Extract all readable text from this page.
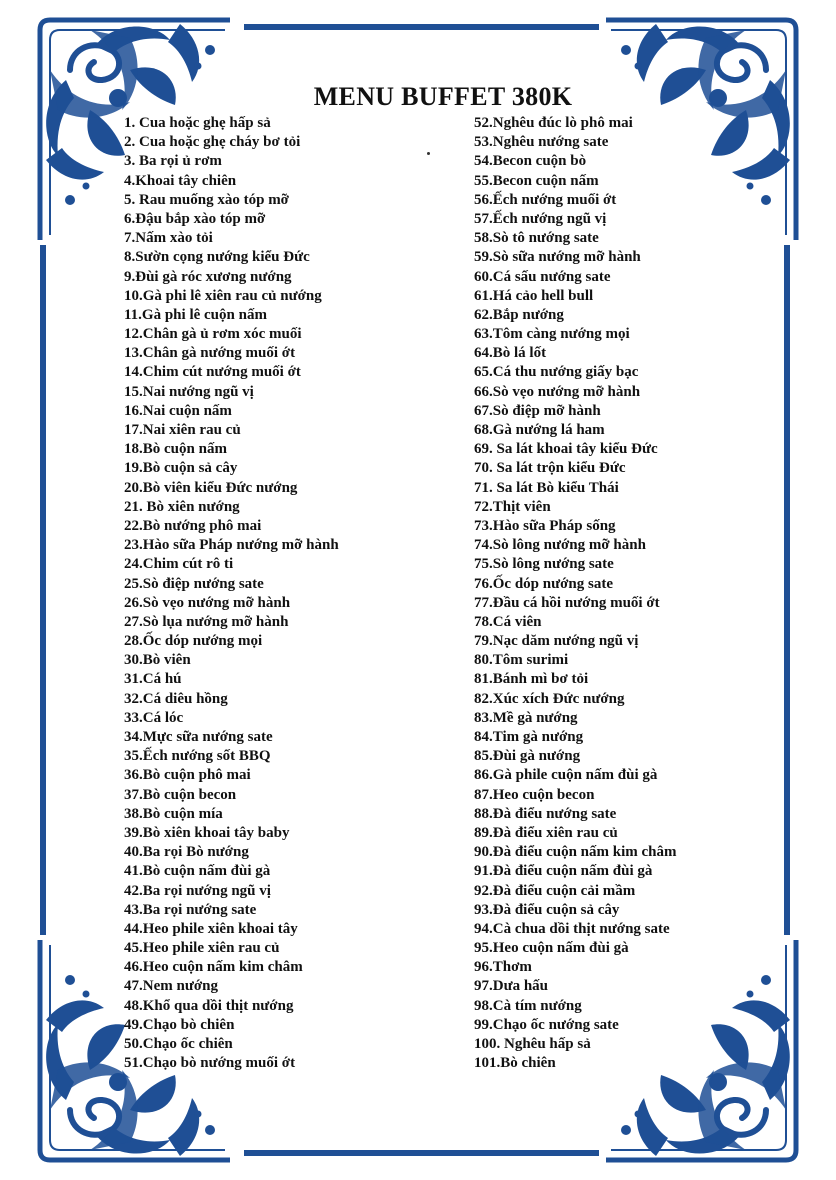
MENU BUFFET 380K
1. Cua hoặc ghẹ hấp sả
2. Cua hoặc ghẹ cháy bơ tỏi
3. Ba rọi ủ rơm
4.Khoai tây chiên
5. Rau muống xào tóp mỡ
6.Đậu bắp xào tóp mỡ
7.Nấm xào tỏi
8.Sườn cọng nướng kiểu Đức
9.Đùi gà róc xương nướng
10.Gà phi lê xiên rau củ nướng
11.Gà phi lê cuộn nấm
12.Chân gà ủ rơm xóc muối
13.Chân gà nướng muối ớt
14.Chim cút nướng muối ớt
15.Nai nướng ngũ vị
16.Nai cuộn nấm
17.Nai xiên rau củ
18.Bò cuộn nấm
19.Bò cuộn sả cây
20.Bò viên kiểu Đức nướng
21. Bò xiên nướng
22.Bò nướng phô mai
23.Hào sữa Pháp nướng mỡ hành
24.Chim cút rô ti
25.Sò điệp nướng sate
26.Sò vẹo nướng mỡ hành
27.Sò lụa nướng mỡ hành
28.Ốc dóp nướng mọi
30.Bò viên
31.Cá hú
32.Cá diêu hồng
33.Cá lóc
34.Mực sữa nướng sate
35.Ếch nướng sốt BBQ
36.Bò cuộn phô mai
37.Bò cuộn becon
38.Bò cuộn mía
39.Bò xiên khoai tây baby
40.Ba rọi Bò nướng
41.Bò cuộn nấm đùi gà
42.Ba rọi nướng ngũ vị
43.Ba rọi nướng sate
44.Heo phile xiên khoai tây
45.Heo phile xiên rau củ
46.Heo cuộn nấm kim châm
47.Nem nướng
48.Khổ qua dồi thịt nướng
49.Chạo bò chiên
50.Chạo ốc chiên
51.Chạo bò nướng muối ớt
52.Nghêu đúc lò phô mai
53.Nghêu nướng sate
54.Becon cuộn bò
55.Becon cuộn nấm
56.Ếch nướng muối ớt
57.Ếch nướng ngũ vị
58.Sò tô nướng sate
59.Sò sữa nướng mỡ hành
60.Cá sấu nướng sate
61.Há cảo hell bull
62.Bắp nướng
63.Tôm càng nướng mọi
64.Bò lá lốt
65.Cá thu nướng giấy bạc
66.Sò vẹo nướng mỡ hành
67.Sò điệp mỡ hành
68.Gà nướng lá ham
69. Sa lát khoai tây kiểu Đức
70. Sa lát trộn kiểu Đức
71. Sa lát Bò kiểu Thái
72.Thịt viên
73.Hào sữa Pháp sống
74.Sò lông nướng mỡ hành
75.Sò lông nướng sate
76.Ốc dóp nướng sate
77.Đầu cá hồi nướng muối ớt
78.Cá viên
79.Nạc dăm nướng ngũ vị
80.Tôm surimi
81.Bánh mì bơ tỏi
82.Xúc xích Đức nướng
83.Mề gà nướng
84.Tim gà nướng
85.Đùi gà nướng
86.Gà phile cuộn nấm đùi gà
87.Heo cuộn becon
88.Đà điểu nướng sate
89.Đà điểu xiên rau củ
90.Đà điểu cuộn nấm kim châm
91.Đà điểu cuộn nấm đùi gà
92.Đà điểu cuộn cải mầm
93.Đà điểu cuộn sả cây
94.Cà chua dồi thịt nướng sate
95.Heo cuộn nấm đùi gà
96.Thơm
97.Dưa hấu
98.Cà tím nướng
99.Chạo ốc nướng sate
100. Nghêu hấp sả
101.Bò chiên
